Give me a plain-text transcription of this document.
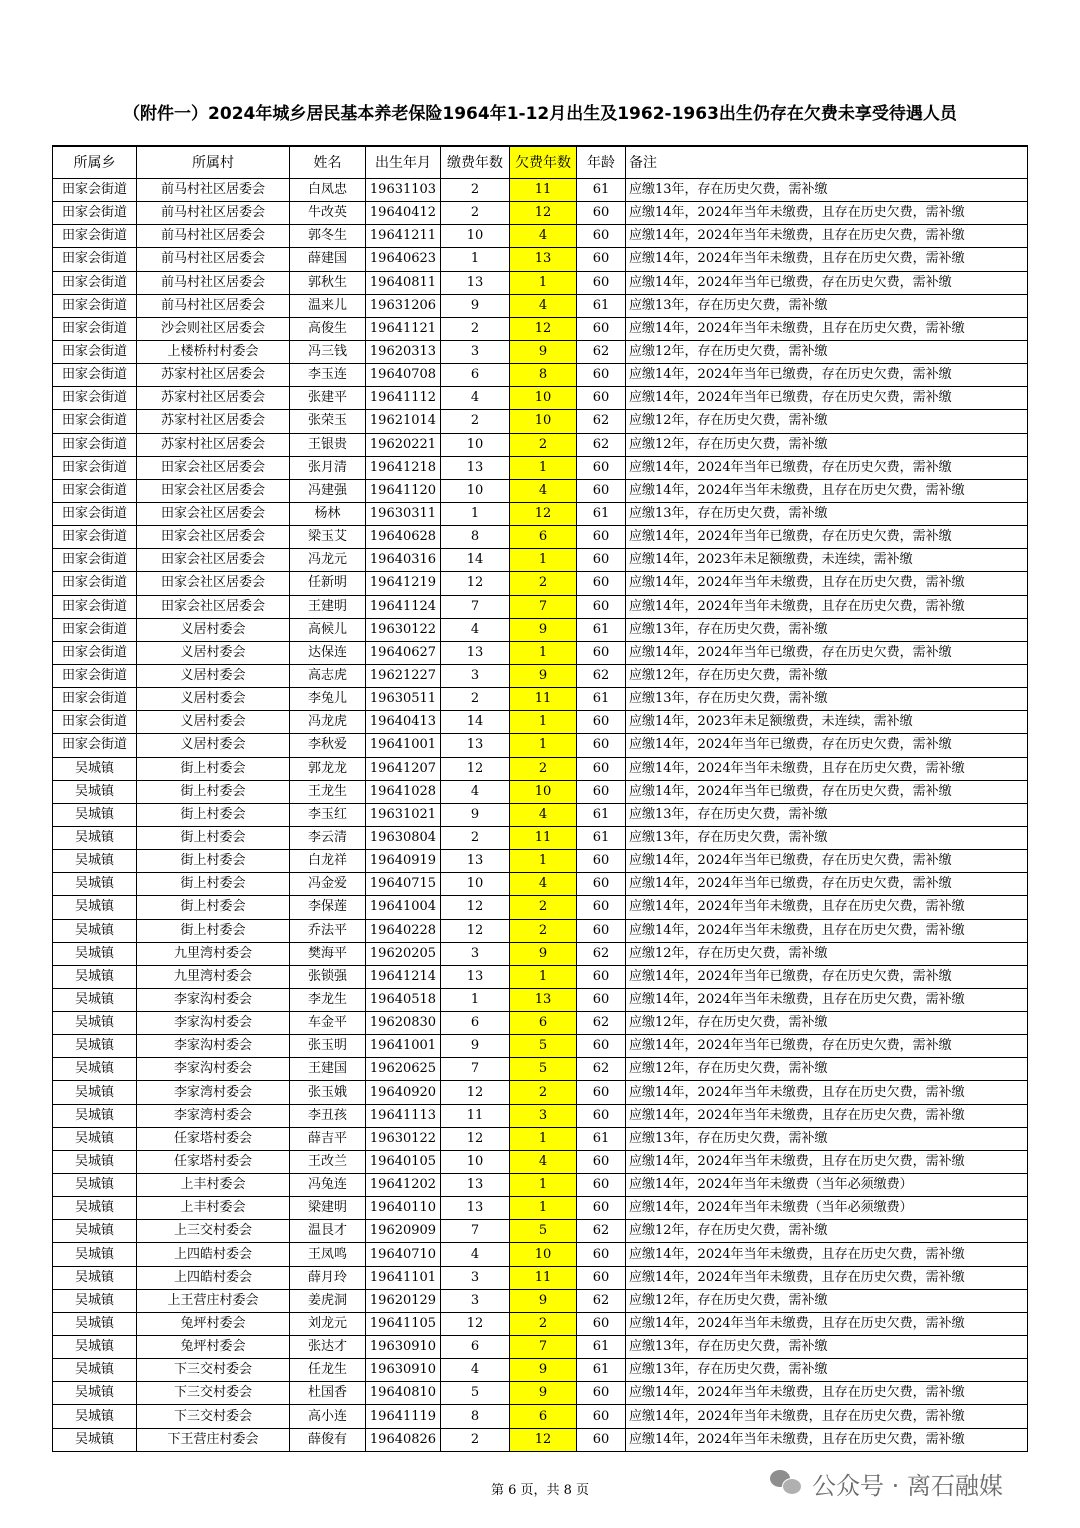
（附件一）2024年城乡居民基本养老保险1964年1-12月出生及1962-1963出生仍存在欠费未享受待遇人员
所属乡	所属村	姓名	出生年月	缴费年数	欠费年数	年龄	备注
田家会街道	前马村社区居委会	白凤忠	19631103	2	11	61	应缴13年，存在历史欠费，需补缴
田家会街道	前马村社区居委会	牛改英	19640412	2	12	60	应缴14年，2024年当年未缴费，且存在历史欠费，需补缴
田家会街道	前马村社区居委会	郭冬生	19641211	10	4	60	应缴14年，2024年当年未缴费，且存在历史欠费，需补缴
田家会街道	前马村社区居委会	薛建国	19640623	1	13	60	应缴14年，2024年当年未缴费，且存在历史欠费，需补缴
田家会街道	前马村社区居委会	郭秋生	19640811	13	1	60	应缴14年，2024年当年已缴费，存在历史欠费，需补缴
田家会街道	前马村社区居委会	温来儿	19631206	9	4	61	应缴13年，存在历史欠费，需补缴
田家会街道	沙会则社区居委会	高俊生	19641121	2	12	60	应缴14年，2024年当年未缴费，且存在历史欠费，需补缴
田家会街道	上楼桥村村委会	冯三钱	19620313	3	9	62	应缴12年，存在历史欠费，需补缴
田家会街道	苏家村社区居委会	李玉连	19640708	6	8	60	应缴14年，2024年当年已缴费，存在历史欠费，需补缴
田家会街道	苏家村社区居委会	张建平	19641112	4	10	60	应缴14年，2024年当年已缴费，存在历史欠费，需补缴
田家会街道	苏家村社区居委会	张荣玉	19621014	2	10	62	应缴12年，存在历史欠费，需补缴
田家会街道	苏家村社区居委会	王银贵	19620221	10	2	62	应缴12年，存在历史欠费，需补缴
田家会街道	田家会社区居委会	张月清	19641218	13	1	60	应缴14年，2024年当年已缴费，存在历史欠费，需补缴
田家会街道	田家会社区居委会	冯建强	19641120	10	4	60	应缴14年，2024年当年未缴费，且存在历史欠费，需补缴
田家会街道	田家会社区居委会	杨林	19630311	1	12	61	应缴13年，存在历史欠费，需补缴
田家会街道	田家会社区居委会	梁玉艾	19640628	8	6	60	应缴14年，2024年当年已缴费，存在历史欠费，需补缴
田家会街道	田家会社区居委会	冯龙元	19640316	14	1	60	应缴14年，2023年未足额缴费，未连续，需补缴
田家会街道	田家会社区居委会	任新明	19641219	12	2	60	应缴14年，2024年当年未缴费，且存在历史欠费，需补缴
田家会街道	田家会社区居委会	王建明	19641124	7	7	60	应缴14年，2024年当年未缴费，且存在历史欠费，需补缴
田家会街道	义居村委会	高候儿	19630122	4	9	61	应缴13年，存在历史欠费，需补缴
田家会街道	义居村委会	达保连	19640627	13	1	60	应缴14年，2024年当年已缴费，存在历史欠费，需补缴
田家会街道	义居村委会	高志虎	19621227	3	9	62	应缴12年，存在历史欠费，需补缴
田家会街道	义居村委会	李兔儿	19630511	2	11	61	应缴13年，存在历史欠费，需补缴
田家会街道	义居村委会	冯龙虎	19640413	14	1	60	应缴14年，2023年未足额缴费，未连续，需补缴
田家会街道	义居村委会	李秋爱	19641001	13	1	60	应缴14年，2024年当年已缴费，存在历史欠费，需补缴
吴城镇	街上村委会	郭龙龙	19641207	12	2	60	应缴14年，2024年当年未缴费，且存在历史欠费，需补缴
吴城镇	街上村委会	王龙生	19641028	4	10	60	应缴14年，2024年当年已缴费，存在历史欠费，需补缴
吴城镇	街上村委会	李玉红	19631021	9	4	61	应缴13年，存在历史欠费，需补缴
吴城镇	街上村委会	李云清	19630804	2	11	61	应缴13年，存在历史欠费，需补缴
吴城镇	街上村委会	白龙祥	19640919	13	1	60	应缴14年，2024年当年已缴费，存在历史欠费，需补缴
吴城镇	街上村委会	冯金爱	19640715	10	4	60	应缴14年，2024年当年已缴费，存在历史欠费，需补缴
吴城镇	街上村委会	李保莲	19641004	12	2	60	应缴14年，2024年当年未缴费，且存在历史欠费，需补缴
吴城镇	街上村委会	乔法平	19640228	12	2	60	应缴14年，2024年当年未缴费，且存在历史欠费，需补缴
吴城镇	九里湾村委会	樊海平	19620205	3	9	62	应缴12年，存在历史欠费，需补缴
吴城镇	九里湾村委会	张锁强	19641214	13	1	60	应缴14年，2024年当年已缴费，存在历史欠费，需补缴
吴城镇	李家沟村委会	李龙生	19640518	1	13	60	应缴14年，2024年当年未缴费，且存在历史欠费，需补缴
吴城镇	李家沟村委会	车金平	19620830	6	6	62	应缴12年，存在历史欠费，需补缴
吴城镇	李家沟村委会	张玉明	19641001	9	5	60	应缴14年，2024年当年已缴费，存在历史欠费，需补缴
吴城镇	李家沟村委会	王建国	19620625	7	5	62	应缴12年，存在历史欠费，需补缴
吴城镇	李家湾村委会	张玉娥	19640920	12	2	60	应缴14年，2024年当年未缴费，且存在历史欠费，需补缴
吴城镇	李家湾村委会	李丑孩	19641113	11	3	60	应缴14年，2024年当年未缴费，且存在历史欠费，需补缴
吴城镇	任家塔村委会	薛吉平	19630122	12	1	61	应缴13年，存在历史欠费，需补缴
吴城镇	任家塔村委会	王改兰	19640105	10	4	60	应缴14年，2024年当年未缴费，且存在历史欠费，需补缴
吴城镇	上丰村委会	冯兔连	19641202	13	1	60	应缴14年，2024年当年未缴费（当年必须缴费）
吴城镇	上丰村委会	梁建明	19640110	13	1	60	应缴14年，2024年当年未缴费（当年必须缴费）
吴城镇	上三交村委会	温艮才	19620909	7	5	62	应缴12年，存在历史欠费，需补缴
吴城镇	上四皓村委会	王凤鸣	19640710	4	10	60	应缴14年，2024年当年未缴费，且存在历史欠费，需补缴
吴城镇	上四皓村委会	薛月玲	19641101	3	11	60	应缴14年，2024年当年未缴费，且存在历史欠费，需补缴
吴城镇	上王营庄村委会	姜虎洞	19620129	3	9	62	应缴12年，存在历史欠费，需补缴
吴城镇	兔坪村委会	刘龙元	19641105	12	2	60	应缴14年，2024年当年未缴费，且存在历史欠费，需补缴
吴城镇	兔坪村委会	张达才	19630910	6	7	61	应缴13年，存在历史欠费，需补缴
吴城镇	下三交村委会	任龙生	19630910	4	9	61	应缴13年，存在历史欠费，需补缴
吴城镇	下三交村委会	杜国香	19640810	5	9	60	应缴14年，2024年当年未缴费，且存在历史欠费，需补缴
吴城镇	下三交村委会	高小连	19641119	8	6	60	应缴14年，2024年当年未缴费，且存在历史欠费，需补缴
吴城镇	下王营庄村委会	薛俊有	19640826	2	12	60	应缴14年，2024年当年未缴费，且存在历史欠费，需补缴
第 6 页，共 8 页	公众号 · 离石融媒
